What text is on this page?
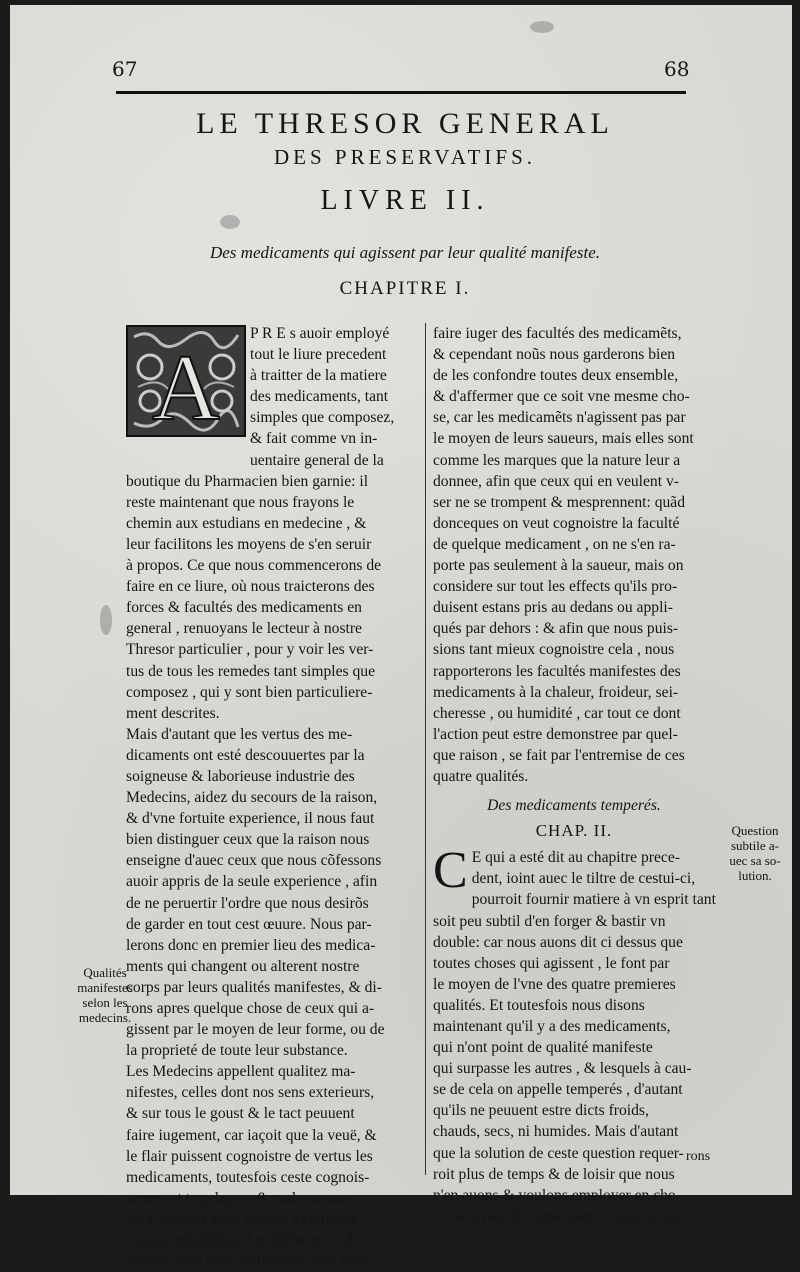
67	68
LE THRESOR GENERAL
DES PRESERVATIFS.
LIVRE II.
Des medicaments qui agissent par leur qualité manifeste.
CHAPITRE I.
A
P R E s auoir employé
tout le liure precedent
à traitter de la matiere
des medicaments, tant
simples que composez,
& fait comme vn in-
uentaire general de la
boutique du Pharmacien bien garnie: il
reste maintenant que nous frayons le
chemin aux estudians en medecine , &
leur facilitons les moyens de s'en seruir
à propos. Ce que nous commencerons de
faire en ce liure, où nous traicterons des
forces & facultés des medicaments en
general , renuoyans le lecteur à nostre
Thresor particulier , pour y voir les ver-
tus de tous les remedes tant simples que
composez , qui y sont bien particuliere-
ment descrites.
Mais d'autant que les vertus des me-
dicaments ont esté descouuertes par la
soigneuse & laborieuse industrie des
Medecins, aidez du secours de la raison,
& d'vne fortuite experience, il nous faut
bien distinguer ceux que la raison nous
enseigne d'auec ceux que nous cõfessons
auoir appris de la seule experience , afin
de ne peruertir l'ordre que nous desirõs
de garder en tout cest œuure. Nous par-
lerons donc en premier lieu des medica-
ments qui changent ou alterent nostre
corps par leurs qualités manifestes, & di-
rons apres quelque chose de ceux qui a-
gissent par le moyen de leur forme, ou de
la proprieté de toute leur substance.
Les Medecins appellent qualitez ma-
nifestes, celles dont nos sens exterieurs,
& sur tous le goust & le tact peuuent
faire iugement, car iaçoit que la veuë, &
le flair puissent cognoistre de vertus les
medicaments, toutesfois ceste cognois-
sance est trop legere & mal-asseuree,
pour pouuoir estre reduite à certaines
reigles infaillibles. Les differences des
saueurs sont bien suffisantes pour nous
faire iuger des facultés des medicamẽts,
& cependant noũs nous garderons bien
de les confondre toutes deux ensemble,
& d'affermer que ce soit vne mesme cho-
se, car les medicamẽts n'agissent pas par
le moyen de leurs saueurs, mais elles sont
comme les marques que la nature leur a
donnee, afin que ceux qui en veulent v-
ser ne se trompent & mesprennent: quãd
donceques on veut cognoistre la faculté
de quelque medicament , on ne s'en ra-
porte pas seulement à la saueur, mais on
considere sur tout les effects qu'ils pro-
duisent estans pris au dedans ou appli-
qués par dehors : & afin que nous puis-
sions tant mieux cognoistre cela , nous
rapporterons les facultés manifestes des
medicaments à la chaleur, froideur, sei-
cheresse , ou humidité , car tout ce dont
l'action peut estre demonstree par quel-
que raison , se fait par l'entremise de ces
quatre qualités.
Des medicaments temperés.
CHAP. II.
C E qui a esté dit au chapitre prece-
dent, ioint auec le tiltre de cestui-ci,
pourroit fournir matiere à vn esprit tant
soit peu subtil d'en forger & bastir vn
double: car nous auons dit ci dessus que
toutes choses qui agissent , le font par
le moyen de l'vne des quatre premieres
qualités. Et toutesfois nous disons
maintenant qu'il y a des medicaments,
qui n'ont point de qualité manifeste
qui surpasse les autres , & lesquels à cau-
se de cela on appelle temperés , d'autant
qu'ils ne peuuent estre dicts froids,
chauds, secs, ni humides. Mais d'autant
que la solution de ceste question requer-
roit plus de temps & de loisir que nous
n'en auons & voulons employer en cho-
se de si peu de consequence, nous la lair-
Qualités
manifestes
selon les
medecins.
Question
subtile a-
uec sa so-
lution.
rons
